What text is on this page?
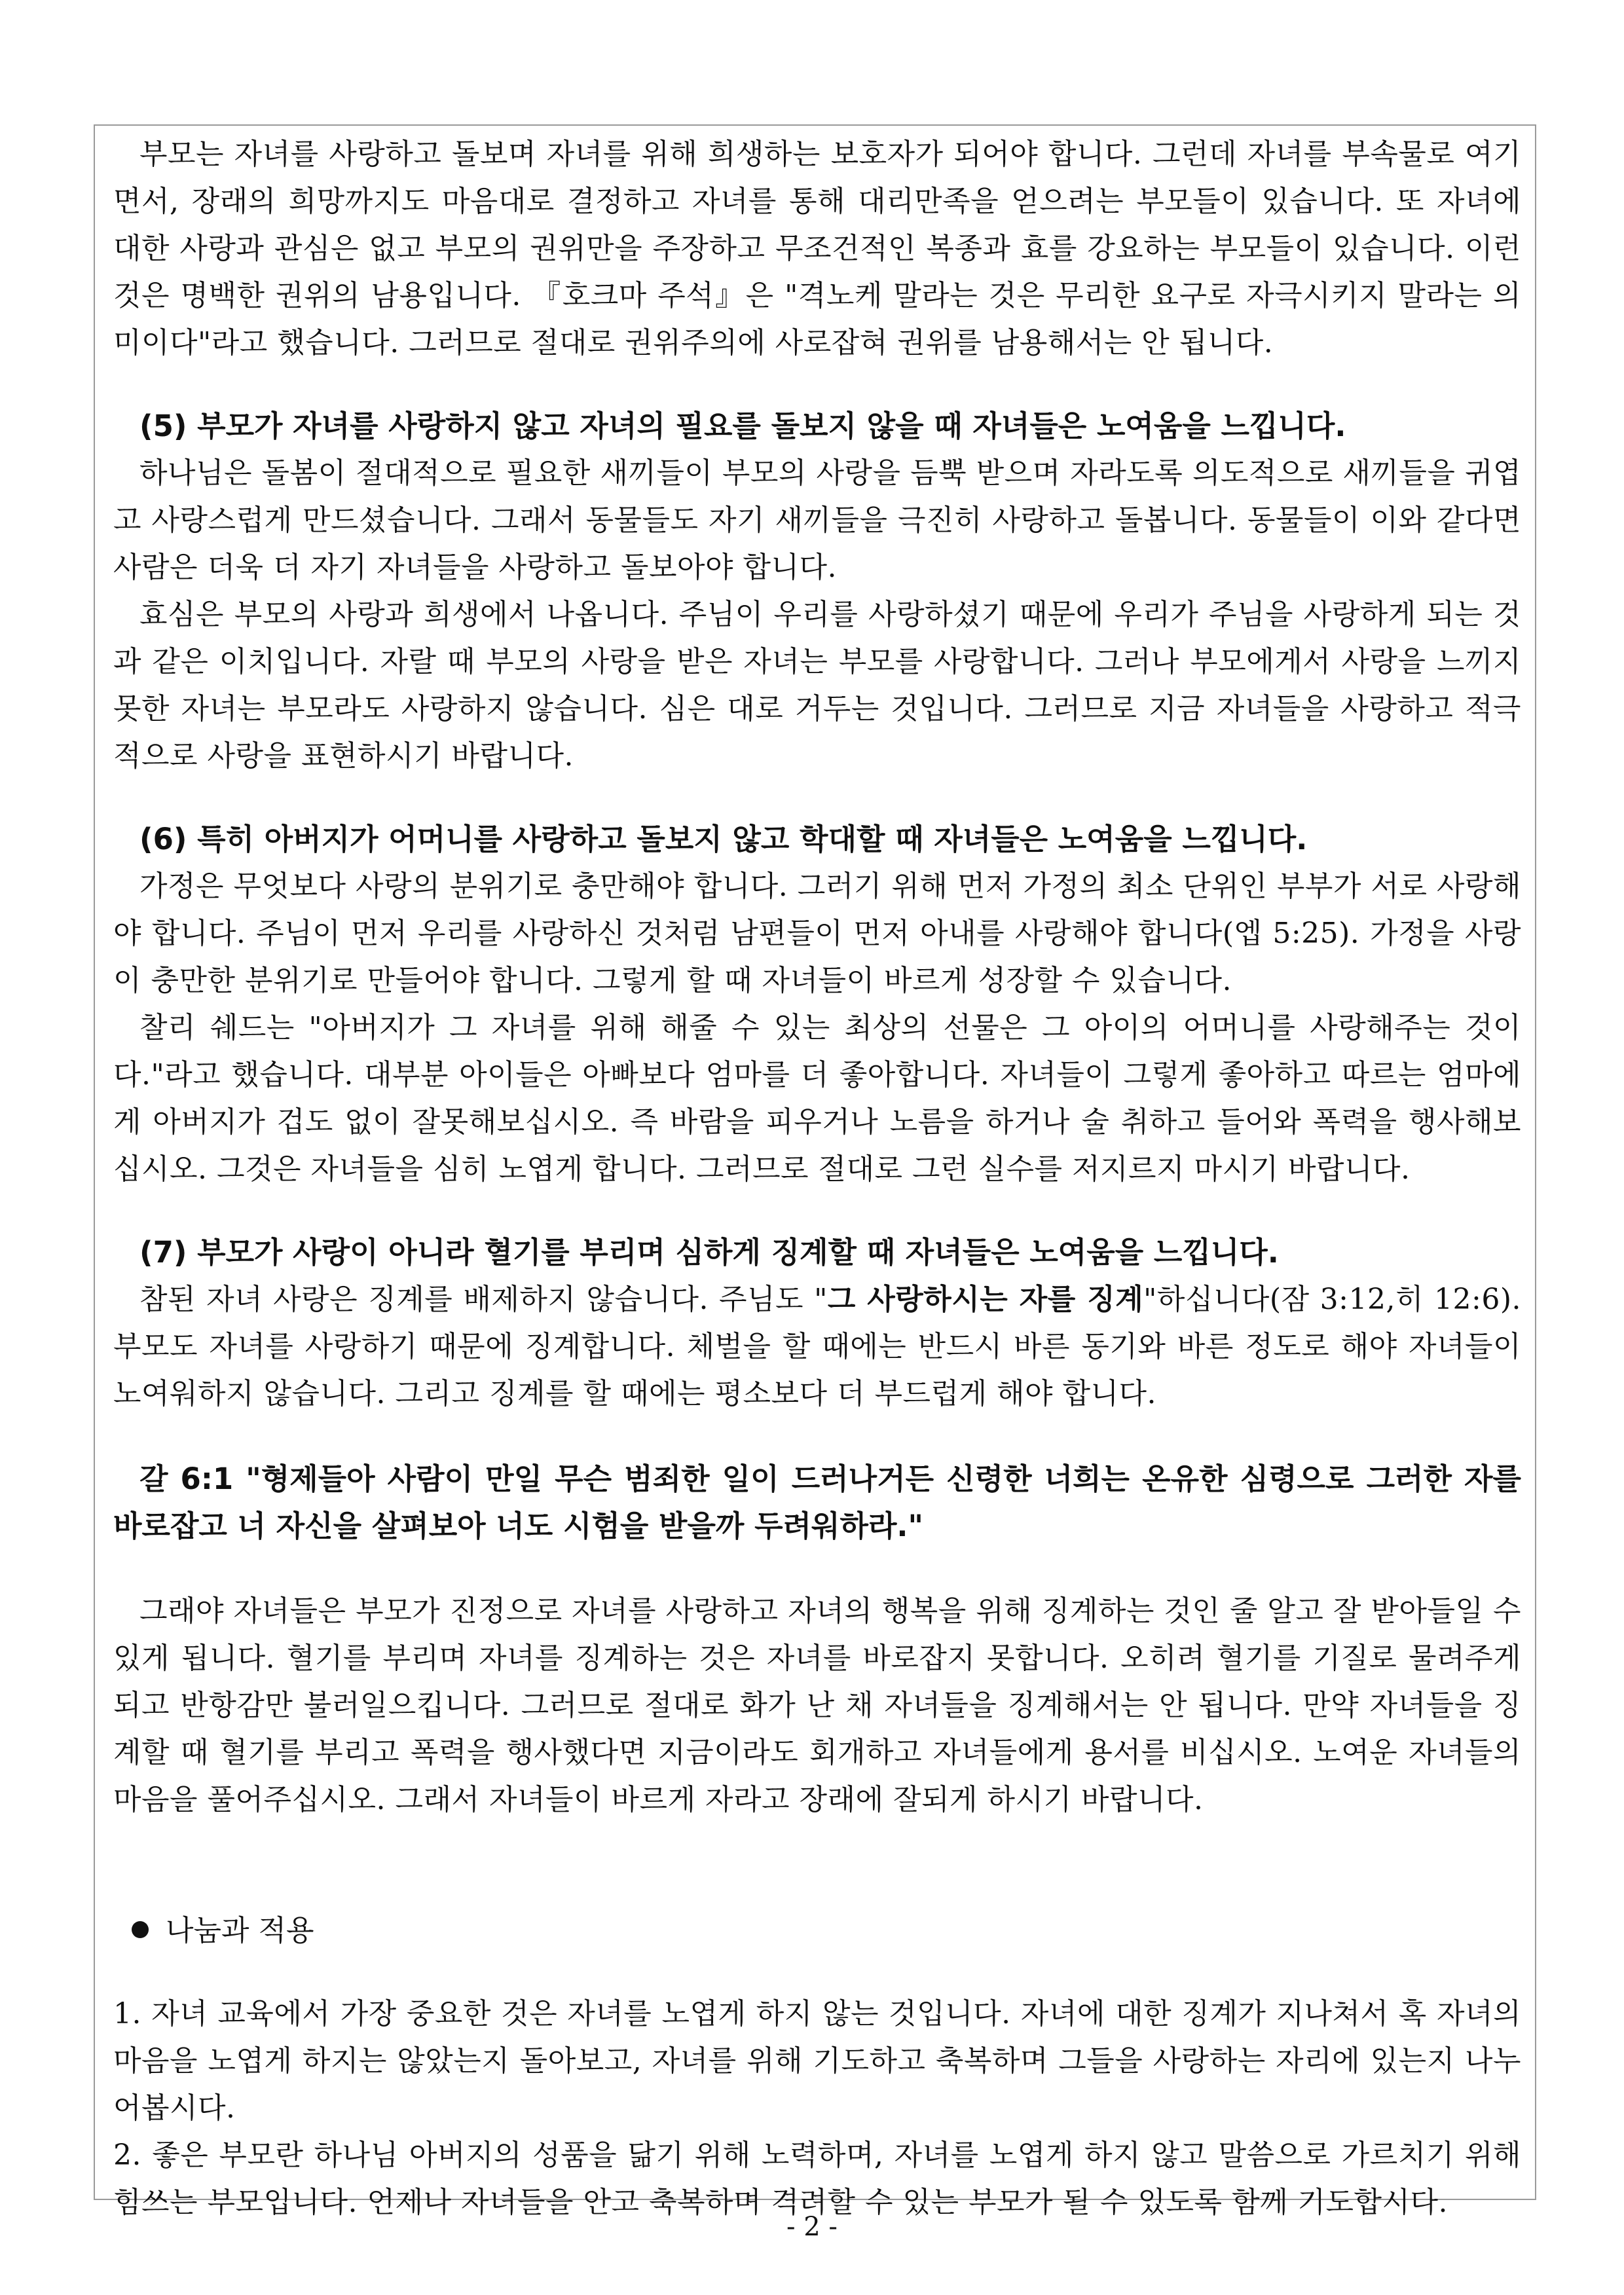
부모는 자녀를 사랑하고 돌보며 자녀를 위해 희생하는 보호자가 되어야 합니다. 그런데 자녀를 부속물로 여기면서, 장래의 희망까지도 마음대로 결정하고 자녀를 통해 대리만족을 얻으려는 부모들이 있습니다. 또 자녀에 대한 사랑과 관심은 없고 부모의 권위만을 주장하고 무조건적인 복종과 효를 강요하는 부모들이 있습니다. 이런 것은 명백한 권위의 남용입니다. 『호크마 주석』은 "격노케 말라는 것은 무리한 요구로 자극시키지 말라는 의미이다"라고 했습니다. 그러므로 절대로 권위주의에 사로잡혀 권위를 남용해서는 안 됩니다.

(5) 부모가 자녀를 사랑하지 않고 자녀의 필요를 돌보지 않을 때 자녀들은 노여움을 느낍니다.

하나님은 돌봄이 절대적으로 필요한 새끼들이 부모의 사랑을 듬뿍 받으며 자라도록 의도적으로 새끼들을 귀엽고 사랑스럽게 만드셨습니다. 그래서 동물들도 자기 새끼들을 극진히 사랑하고 돌봅니다. 동물들이 이와 같다면 사람은 더욱 더 자기 자녀들을 사랑하고 돌보아야 합니다.

효심은 부모의 사랑과 희생에서 나옵니다. 주님이 우리를 사랑하셨기 때문에 우리가 주님을 사랑하게 되는 것과 같은 이치입니다. 자랄 때 부모의 사랑을 받은 자녀는 부모를 사랑합니다. 그러나 부모에게서 사랑을 느끼지 못한 자녀는 부모라도 사랑하지 않습니다. 심은 대로 거두는 것입니다. 그러므로 지금 자녀들을 사랑하고 적극적으로 사랑을 표현하시기 바랍니다.

(6) 특히 아버지가 어머니를 사랑하고 돌보지 않고 학대할 때 자녀들은 노여움을 느낍니다.

가정은 무엇보다 사랑의 분위기로 충만해야 합니다. 그러기 위해 먼저 가정의 최소 단위인 부부가 서로 사랑해야 합니다. 주님이 먼저 우리를 사랑하신 것처럼 남편들이 먼저 아내를 사랑해야 합니다(엡 5:25). 가정을 사랑이 충만한 분위기로 만들어야 합니다. 그렇게 할 때 자녀들이 바르게 성장할 수 있습니다.

찰리 쉐드는 "아버지가 그 자녀를 위해 해줄 수 있는 최상의 선물은 그 아이의 어머니를 사랑해주는 것이다."라고 했습니다. 대부분 아이들은 아빠보다 엄마를 더 좋아합니다. 자녀들이 그렇게 좋아하고 따르는 엄마에게 아버지가 겁도 없이 잘못해보십시오. 즉 바람을 피우거나 노름을 하거나 술 취하고 들어와 폭력을 행사해보십시오. 그것은 자녀들을 심히 노엽게 합니다. 그러므로 절대로 그런 실수를 저지르지 마시기 바랍니다.

(7) 부모가 사랑이 아니라 혈기를 부리며 심하게 징계할 때 자녀들은 노여움을 느낍니다.

참된 자녀 사랑은 징계를 배제하지 않습니다. 주님도 "그 사랑하시는 자를 징계"하십니다(잠 3:12,히 12:6). 부모도 자녀를 사랑하기 때문에 징계합니다. 체벌을 할 때에는 반드시 바른 동기와 바른 정도로 해야 자녀들이 노여워하지 않습니다. 그리고 징계를 할 때에는 평소보다 더 부드럽게 해야 합니다.

갈 6:1 "형제들아 사람이 만일 무슨 범죄한 일이 드러나거든 신령한 너희는 온유한 심령으로 그러한 자를 바로잡고 너 자신을 살펴보아 너도 시험을 받을까 두려워하라."

그래야 자녀들은 부모가 진정으로 자녀를 사랑하고 자녀의 행복을 위해 징계하는 것인 줄 알고 잘 받아들일 수 있게 됩니다. 혈기를 부리며 자녀를 징계하는 것은 자녀를 바로잡지 못합니다. 오히려 혈기를 기질로 물려주게 되고 반항감만 불러일으킵니다. 그러므로 절대로 화가 난 채 자녀들을 징계해서는 안 됩니다. 만약 자녀들을 징계할 때 혈기를 부리고 폭력을 행사했다면 지금이라도 회개하고 자녀들에게 용서를 비십시오. 노여운 자녀들의 마음을 풀어주십시오. 그래서 자녀들이 바르게 자라고 장래에 잘되게 하시기 바랍니다.

나눔과 적용

1. 자녀 교육에서 가장 중요한 것은 자녀를 노엽게 하지 않는 것입니다. 자녀에 대한 징계가 지나쳐서 혹 자녀의 마음을 노엽게 하지는 않았는지 돌아보고, 자녀를 위해 기도하고 축복하며 그들을 사랑하는 자리에 있는지 나누어봅시다.

2. 좋은 부모란 하나님 아버지의 성품을 닮기 위해 노력하며, 자녀를 노엽게 하지 않고 말씀으로 가르치기 위해 힘쓰는 부모입니다. 언제나 자녀들을 안고 축복하며 격려할 수 있는 부모가 될 수 있도록 함께 기도합시다.

- 2 -
